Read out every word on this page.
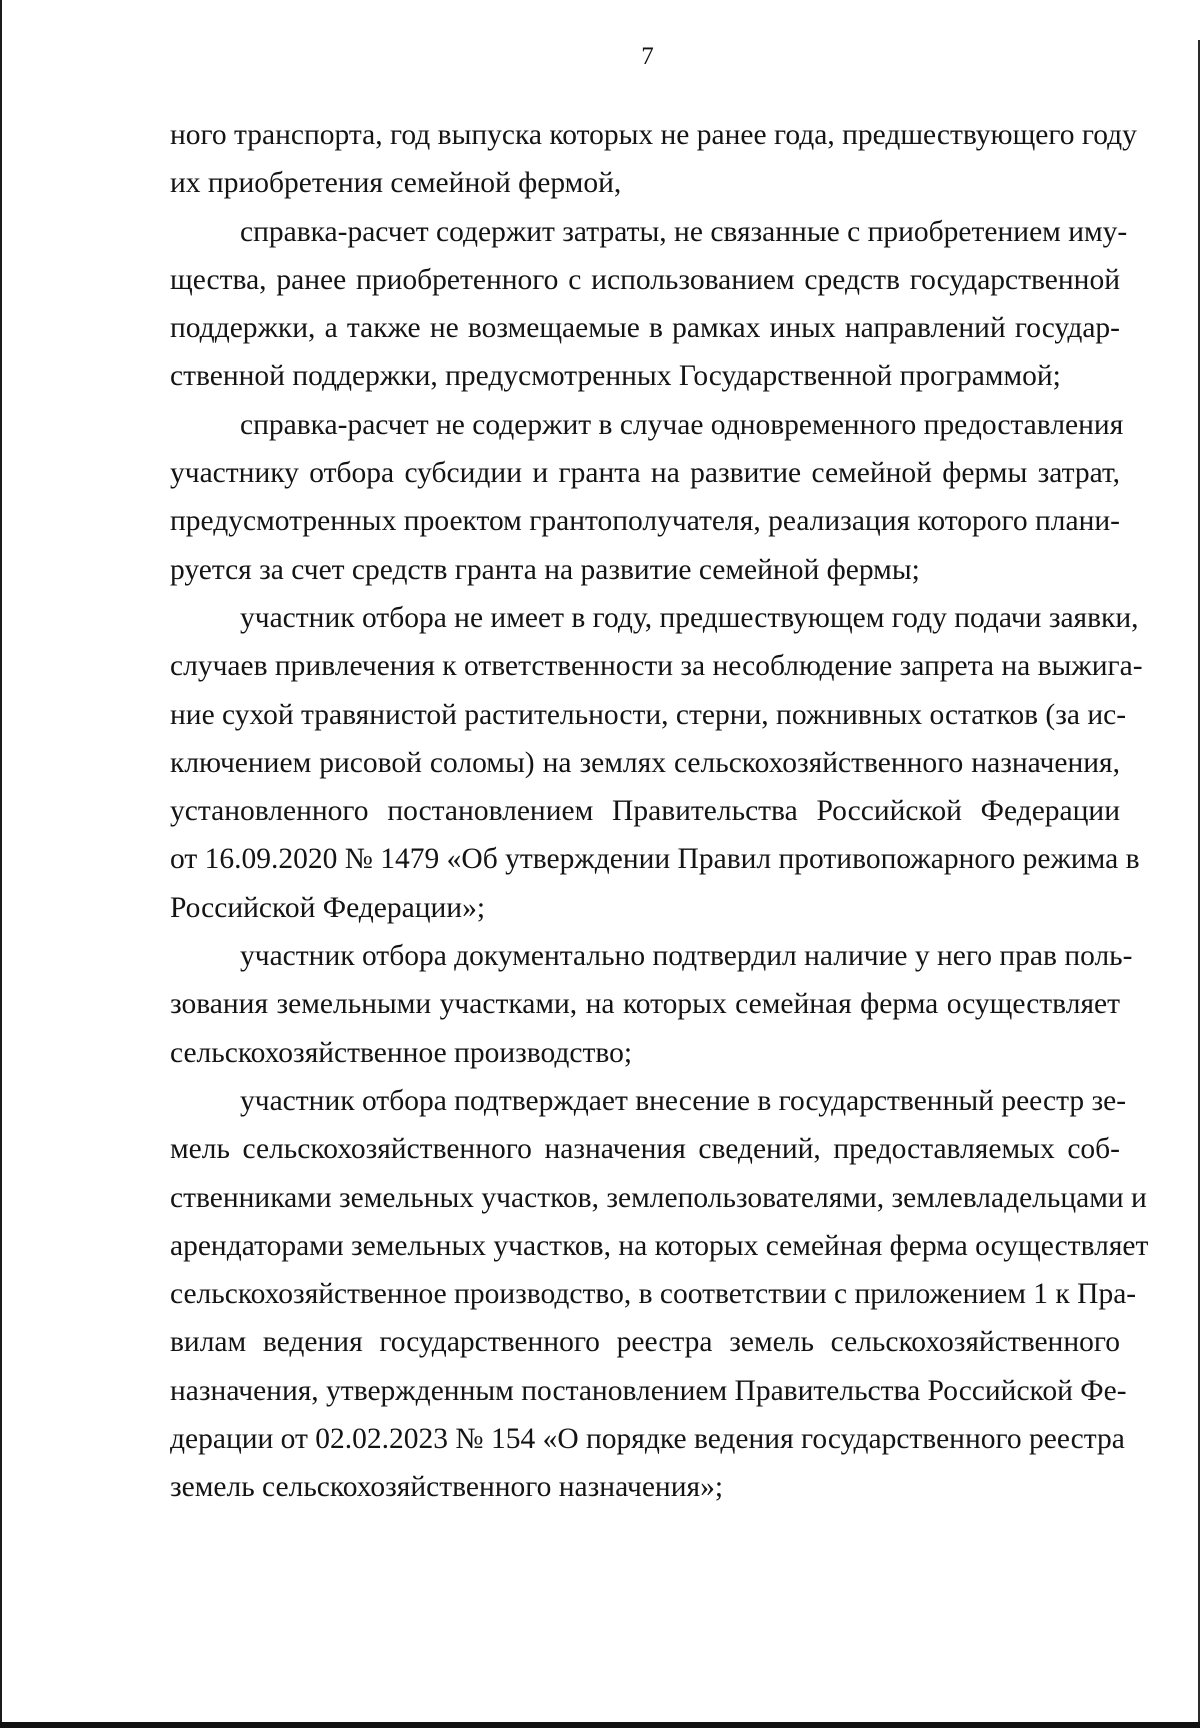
7

ного транспорта, год выпуска которых не ранее года, предшествующего году
их приобретения семейной фермой,

справка-расчет содержит затраты, не связанные с приобретением иму-
щества, ранее приобретенного с использованием средств государственной
поддержки, а также не возмещаемые в рамках иных направлений государ-
ственной поддержки, предусмотренных Государственной программой;

справка-расчет не содержит в случае одновременного предоставления
участнику отбора субсидии и гранта на развитие семейной фермы затрат,
предусмотренных проектом грантополучателя, реализация которого плани-
руется за счет средств гранта на развитие семейной фермы;

участник отбора не имеет в году, предшествующем году подачи заявки,
случаев привлечения к ответственности за несоблюдение запрета на выжига-
ние сухой травянистой растительности, стерни, пожнивных остатков (за ис-
ключением рисовой соломы) на землях сельскохозяйственного назначения,
установленного постановлением Правительства Российской Федерации
от 16.09.2020 № 1479 «Об утверждении Правил противопожарного режима в
Российской Федерации»;

участник отбора документально подтвердил наличие у него прав поль-
зования земельными участками, на которых семейная ферма осуществляет
сельскохозяйственное производство;

участник отбора подтверждает внесение в государственный реестр зе-
мель сельскохозяйственного назначения сведений, предоставляемых соб-
ственниками земельных участков, землепользователями, землевладельцами и
арендаторами земельных участков, на которых семейная ферма осуществляет
сельскохозяйственное производство, в соответствии с приложением 1 к Пра-
вилам ведения государственного реестра земель сельскохозяйственного
назначения, утвержденным постановлением Правительства Российской Фе-
дерации от 02.02.2023 № 154 «О порядке ведения государственного реестра
земель сельскохозяйственного назначения»;
